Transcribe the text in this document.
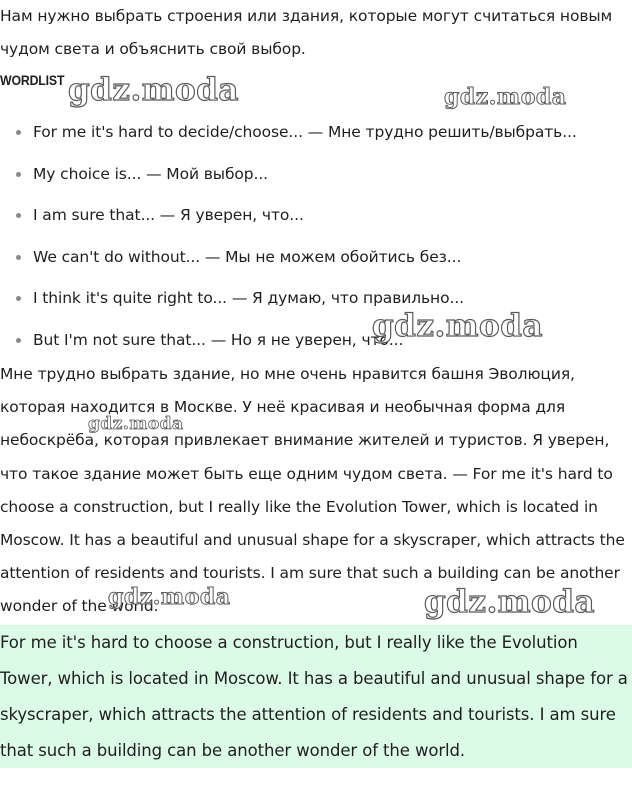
Нам нужно выбрать строения или здания, которые могут считаться новым чудом света и объяснить свой выбор.

WORDLIST
For me it's hard to decide/choose... — Мне трудно решить/выбрать...
My choice is... — Мой выбор...
I am sure that... — Я уверен, что...
We can't do without... — Мы не можем обойтись без...
I think it's quite right to... — Я думаю, что правильно...
But I'm not sure that... — Но я не уверен, что...

Мне трудно выбрать здание, но мне очень нравится башня Эволюция, которая находится в Москве. У неё красивая и необычная форма для небоскрёба, которая привлекает внимание жителей и туристов. Я уверен, что такое здание может быть еще одним чудом света. — For me it's hard to choose a construction, but I really like the Evolution Tower, which is located in Moscow. It has a beautiful and unusual shape for a skyscraper, which attracts the attention of residents and tourists. I am sure that such a building can be another wonder of the world.

For me it's hard to choose a construction, but I really like the Evolution Tower, which is located in Moscow. It has a beautiful and unusual shape for a skyscraper, which attracts the attention of residents and tourists. I am sure that such a building can be another wonder of the world.

gdz.moda	gdz.moda
gdz.moda
gdz.moda
gdz.moda	gdz.moda
